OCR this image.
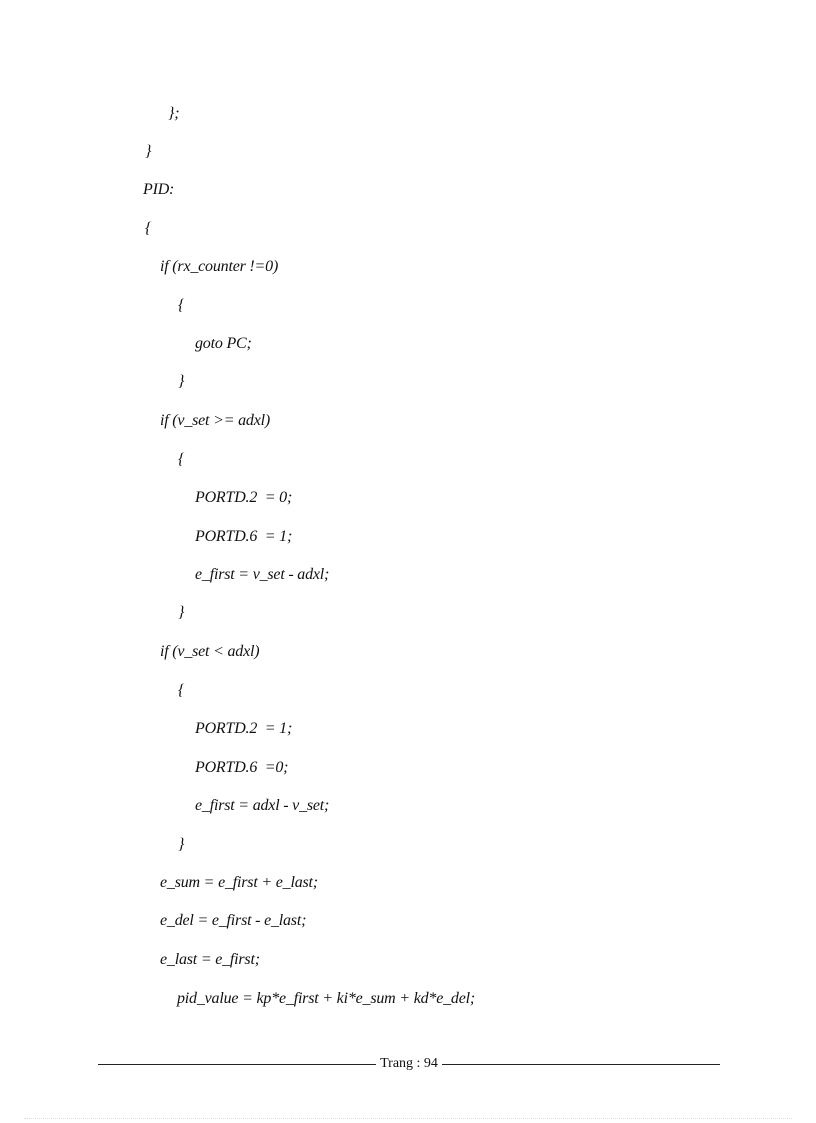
};
}
PID:
{
if (rx_counter !=0)
{
goto PC;
}
if (v_set >= adxl)
{
PORTD.2  = 0;
PORTD.6  = 1;
e_first = v_set - adxl;
}
if (v_set < adxl)
{
PORTD.2  = 1;
PORTD.6  =0;
e_first = adxl - v_set;
}
e_sum = e_first + e_last;
e_del = e_first - e_last;
e_last = e_first;
pid_value = kp*e_first + ki*e_sum + kd*e_del;
Trang : 94
